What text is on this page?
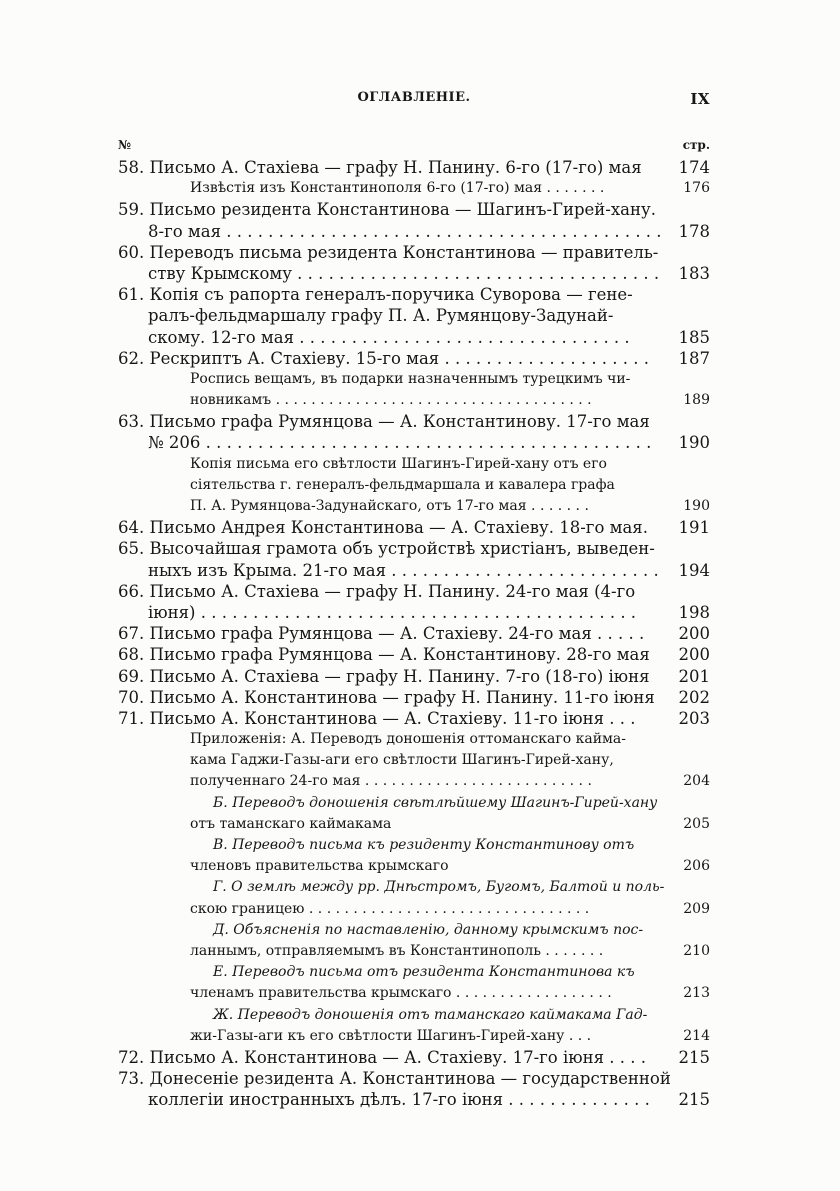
ОГЛАВЛЕНІЕ.	IX
№	стр.
58. Письмо А. Стахіева — графу Н. Панину. 6-го (17-го) мая 174
Извѣстія изъ Константинополя 6-го (17-го) мая . . . . . . .	176
59. Письмо резидента Константинова — Шагинъ-Гирей-хану.
8-го мая . . . . . . . . . . . . . . . . . . . . . . . . . . . . . . . . . . . . . . . . . . 178
60. Переводъ письма резидента Константинова — правитель-
ству Крымскому . . . . . . . . . . . . . . . . . . . . . . . . . . . . . . . . . . . 183
61. Копія съ рапорта генералъ-поручика Суворова — гене-
ралъ-фельдмаршалу графу П. А. Румянцову-Задунай-
скому. 12-го мая . . . . . . . . . . . . . . . . . . . . . . . . . . . . . . . .	185
62. Рескриптъ А. Стахіеву. 15-го мая . . . . . . . . . . . . . . . . . . . . 187
Роспись вещамъ, въ подарки назначеннымъ турецкимъ чи-
новникамъ . . . . . . . . . . . . . . . . . . . . . . . . . . . . . . . . . . . .	189
63. Письмо графа Румянцова — А. Константинову. 17-го мая
№ 206 . . . . . . . . . . . . . . . . . . . . . . . . . . . . . . . . . . . . . . . . . . . 190
Копія письма его свѣтлости Шагинъ-Гирей-хану отъ его
сіятельства г. генералъ-фельдмаршала и кавалера графа
П. А. Румянцова-Задунайскаго, отъ 17-го мая . . . . . . .	190
64. Письмо Андрея Константинова — А. Стахіеву. 18-го мая. 191
65. Высочайшая грамота объ устройствѣ христіанъ, выведен-
ныхъ изъ Крыма. 21-го мая . . . . . . . . . . . . . . . . . . . . . . . . . . 194
66. Письмо А. Стахіева — графу Н. Панину. 24-го мая (4-го
іюня) . . . . . . . . . . . . . . . . . . . . . . . . . . . . . . . . . . . . . . . . . .	198
67. Письмо графа Румянцова — А. Стахіеву. 24-го мая . . . . . 200
68. Письмо графа Румянцова — А. Константинову. 28-го мая 200
69. Письмо А. Стахіева — графу Н. Панину. 7-го (18-го) іюня 201
70. Письмо А. Константинова — графу Н. Панину. 11-го іюня 202
71. Письмо А. Константинова — А. Стахіеву. 11-го іюня . . .	203
Приложенія: А. Переводъ доношенія оттоманскаго каймa-
кама Гаджи-Газы-аги его свѣтлости Шагинъ-Гирей-хану,
полученнаго 24-го мая . . . . . . . . . . . . . . . . . . . . . . . . . .	204
Б. Переводъ доношенія свѣтлѣйшему Шагинъ-Гирей-хану
отъ таманскаго каймакама	205
В. Переводъ письма къ резиденту Константинову отъ
членовъ правительства крымскаго	206
Г. О землѣ между рр. Днѣстромъ, Бугомъ, Балтой и поль-
скою границею . . . . . . . . . . . . . . . . . . . . . . . . . . . . . . . .	209
Д. Объясненія по наставленію, данному крымскимъ пос-
ланнымъ, отправляемымъ въ Константинополь . . . . . . .	210
Е. Переводъ письма отъ резидента Константинова къ
членамъ правительства крымскаго . . . . . . . . . . . . . . . . . .	213
Ж. Переводъ доношенія отъ таманскаго каймакама Гад-
жи-Газы-аги къ его свѣтлости Шагинъ-Гирей-хану . . .	214
72. Письмо А. Константинова — А. Стахіеву. 17-го іюня . . . . 215
73. Донесеніе резидента А. Константинова — государственной
коллегіи иностранныхъ дѣлъ. 17-го іюня . . . . . . . . . . . . . . 215
